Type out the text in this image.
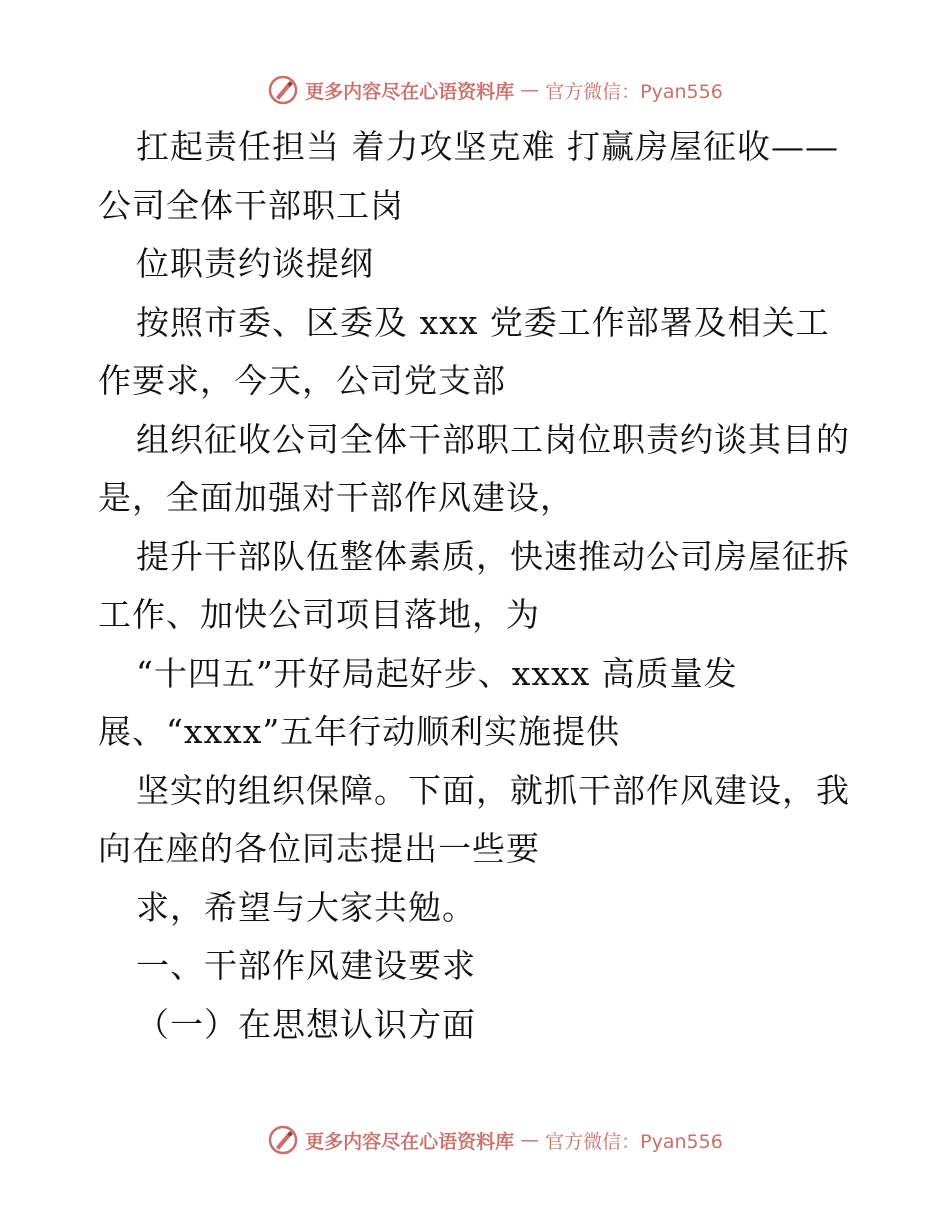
更多内容尽在心语资料库 — 官方微信：Pyan556
扛起责任担当 着力攻坚克难 打赢房屋征收——
公司全体干部职工岗
位职责约谈提纲
按照市委、区委及 xxx 党委工作部署及相关工
作要求，今天，公司党支部
组织征收公司全体干部职工岗位职责约谈其目的
是，全面加强对干部作风建设，
提升干部队伍整体素质，快速推动公司房屋征拆
工作、加快公司项目落地，为
“十四五”开好局起好步、xxxx 高质量发
展、“xxxx”五年行动顺利实施提供
坚实的组织保障。下面，就抓干部作风建设，我
向在座的各位同志提出一些要
求，希望与大家共勉。
一、干部作风建设要求
（一）在思想认识方面
更多内容尽在心语资料库 — 官方微信：Pyan556
